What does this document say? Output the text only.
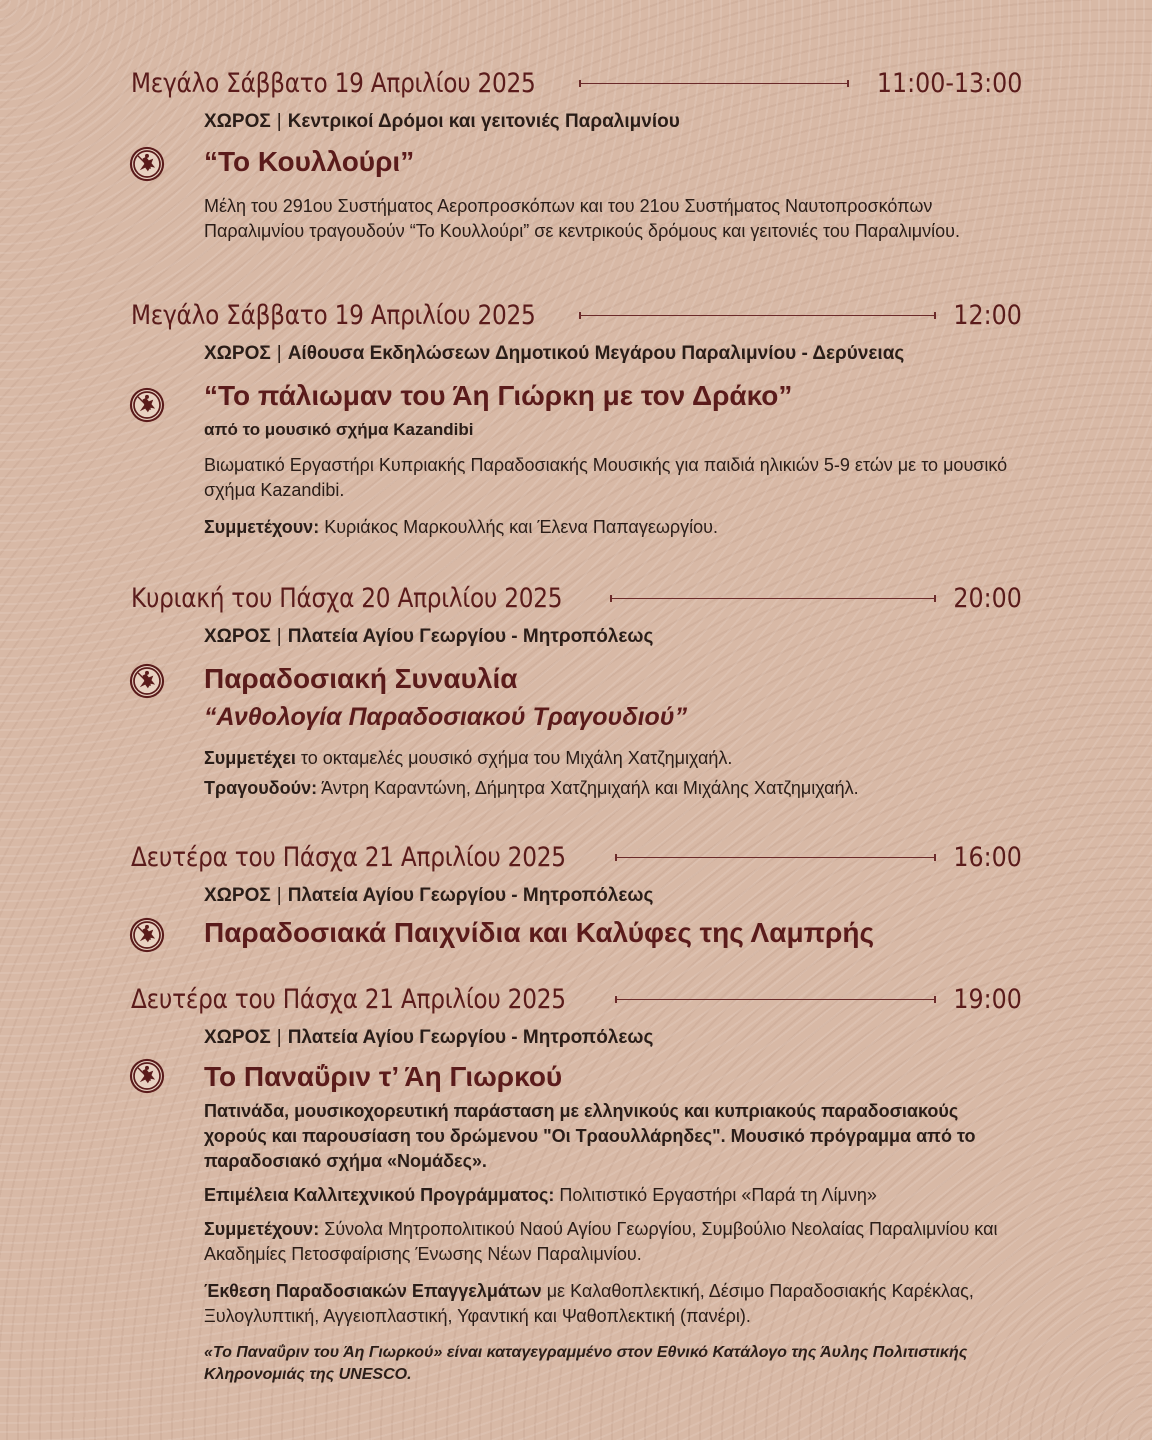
Μεγάλο Σάββατο 19 Απριλίου 2025	11:00-13:00
ΧΩΡΟΣ | Κεντρικοί Δρόμοι και γειτονιές Παραλιμνίου
“Το Κουλλούρι”
Μέλη του 291ου Συστήματος Αεροπροσκόπων και του 21ου Συστήματος Ναυτοπροσκόπων Παραλιμνίου τραγουδούν “Το Κουλλούρι” σε κεντρικούς δρόμους και γειτονιές του Παραλιμνίου.
Μεγάλο Σάββατο 19 Απριλίου 2025	12:00
ΧΩΡΟΣ | Αίθουσα Εκδηλώσεων Δημοτικού Μεγάρου Παραλιμνίου - Δερύνειας
“Το πάλιωμαν του Άη Γιώρκη με τον Δράκο”
από το μουσικό σχήμα Kazandibi
Βιωματικό Εργαστήρι Κυπριακής Παραδοσιακής Μουσικής για παιδιά ηλικιών 5-9 ετών με το μουσικό σχήμα Kazandibi.
Συμμετέχουν: Κυριάκος Μαρκουλλής και Έλενα Παπαγεωργίου.
Κυριακή του Πάσχα 20 Απριλίου 2025	20:00
ΧΩΡΟΣ | Πλατεία Αγίου Γεωργίου - Μητροπόλεως
Παραδοσιακή Συναυλία
“Ανθολογία Παραδοσιακού Τραγουδιού”
Συμμετέχει το οκταμελές μουσικό σχήμα του Μιχάλη Χατζημιχαήλ.
Τραγουδούν: Άντρη Καραντώνη, Δήμητρα Χατζημιχαήλ και Μιχάλης Χατζημιχαήλ.
Δευτέρα του Πάσχα 21 Απριλίου 2025	16:00
ΧΩΡΟΣ | Πλατεία Αγίου Γεωργίου - Μητροπόλεως
Παραδοσιακά Παιχνίδια και Καλύφες της Λαμπρής
Δευτέρα του Πάσχα 21 Απριλίου 2025	19:00
ΧΩΡΟΣ | Πλατεία Αγίου Γεωργίου - Μητροπόλεως
Το Παναΰριν τ’ Άη Γιωρκού
Πατινάδα, μουσικοχορευτική παράσταση με ελληνικούς και κυπριακούς παραδοσιακούς χορούς και παρουσίαση του δρώμενου "Οι Τραουλλάρηδες". Μουσικό πρόγραμμα από το παραδοσιακό σχήμα «Νομάδες».
Επιμέλεια Καλλιτεχνικού Προγράμματος: Πολιτιστικό Εργαστήρι «Παρά τη Λίμνη»
Συμμετέχουν: Σύνολα Μητροπολιτικού Ναού Αγίου Γεωργίου, Συμβούλιο Νεολαίας Παραλιμνίου και Ακαδημίες Πετοσφαίρισης Ένωσης Νέων Παραλιμνίου.
Έκθεση Παραδοσιακών Επαγγελμάτων με Καλαθοπλεκτική, Δέσιμο Παραδοσιακής Καρέκλας, Ξυλογλυπτική, Αγγειοπλαστική, Υφαντική και Ψαθοπλεκτική (πανέρι).
«Το Παναΰριν του Άη Γιωρκού» είναι καταγεγραμμένο στον Εθνικό Κατάλογο της Άυλης Πολιτιστικής Κληρονομιάς της UNESCO.
